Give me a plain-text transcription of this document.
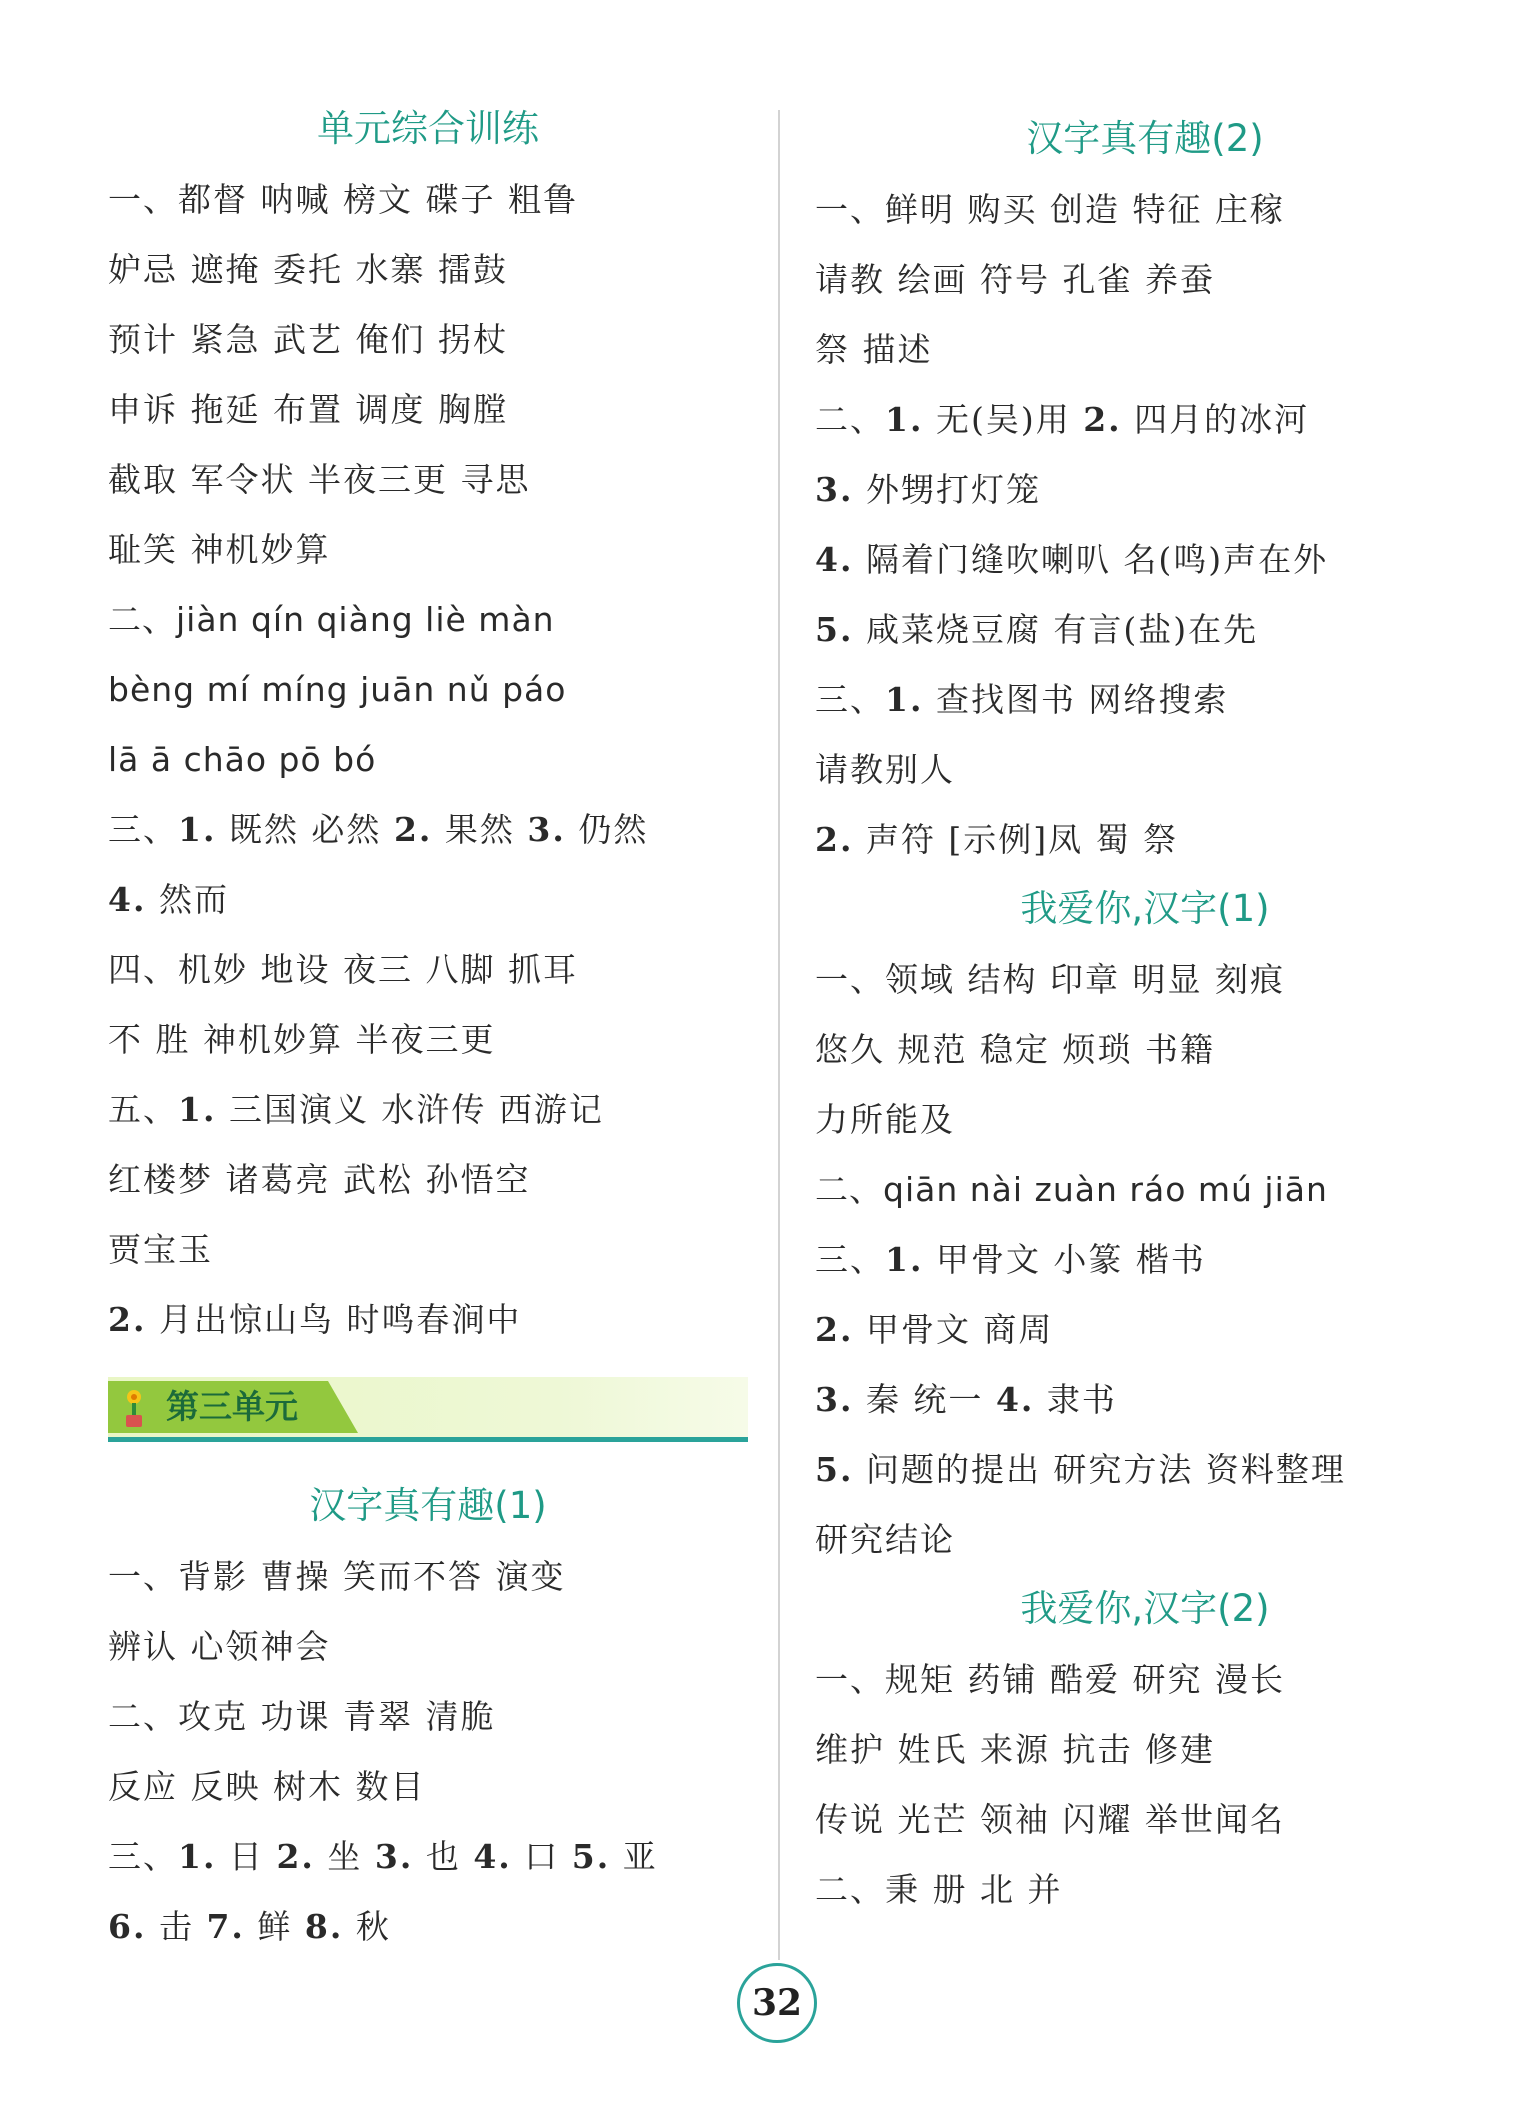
单元综合训练
一、都督 呐喊 榜文 碟子 粗鲁
妒忌 遮掩 委托 水寨 擂鼓
预计 紧急 武艺 俺们 拐杖
申诉 拖延 布置 调度 胸膛
截取 军令状 半夜三更 寻思
耻笑 神机妙算
二、jiàn qín qiàng liè màn
bèng mí míng juān nǔ páo
lā ā chāo pō bó
三、1. 既然 必然 2. 果然 3. 仍然
4. 然而
四、机妙 地设 夜三 八脚 抓耳
不 胜 神机妙算 半夜三更
五、1. 三国演义 水浒传 西游记
红楼梦 诸葛亮 武松 孙悟空
贾宝玉
2. 月出惊山鸟 时鸣春涧中
第三单元
汉字真有趣(1)
一、背影 曹操 笑而不答 演变
辨认 心领神会
二、攻克 功课 青翠 清脆
反应 反映 树木 数目
三、1. 日 2. 坐 3. 也 4. 口 5. 亚
6. 击 7. 鲜 8. 秋
汉字真有趣(2)
一、鲜明 购买 创造 特征 庄稼
请教 绘画 符号 孔雀 养蚕
祭 描述
二、1. 无(吴)用 2. 四月的冰河
3. 外甥打灯笼
4. 隔着门缝吹喇叭 名(鸣)声在外
5. 咸菜烧豆腐 有言(盐)在先
三、1. 查找图书 网络搜索
请教别人
2. 声符 [示例]凤 蜀 祭
我爱你,汉字(1)
一、领域 结构 印章 明显 刻痕
悠久 规范 稳定 烦琐 书籍
力所能及
二、qiān nài zuàn ráo mú jiān
三、1. 甲骨文 小篆 楷书
2. 甲骨文 商周
3. 秦 统一 4. 隶书
5. 问题的提出 研究方法 资料整理
研究结论
我爱你,汉字(2)
一、规矩 药铺 酷爱 研究 漫长
维护 姓氏 来源 抗击 修建
传说 光芒 领袖 闪耀 举世闻名
二、秉 册 北 并
32
